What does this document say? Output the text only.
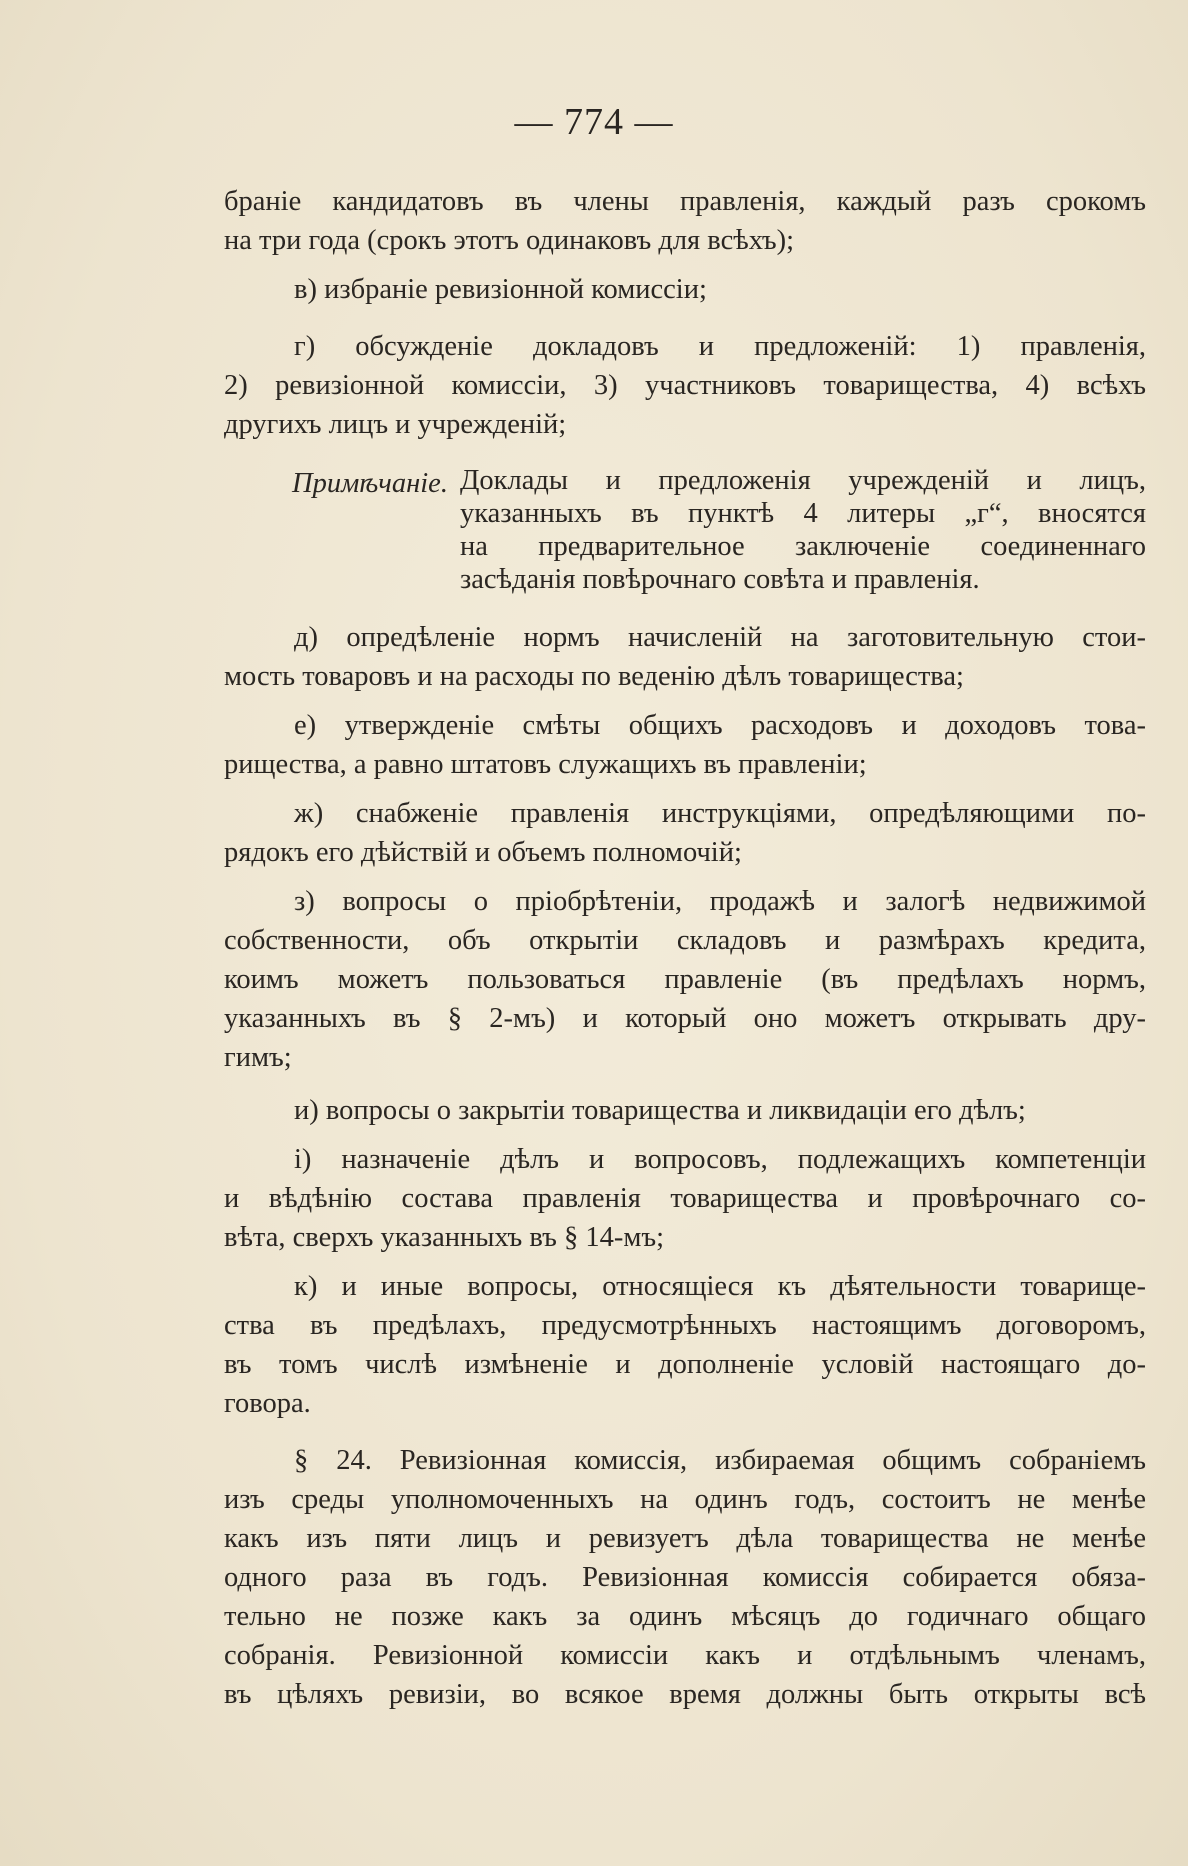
— 774 —
браніе кандидатовъ въ члены правленія, каждый разъ срокомъ
на три года (срокъ этотъ одинаковъ для всѣхъ);
в) избраніе ревизіонной комиссіи;
г) обсужденіе докладовъ и предложеній: 1) правленія,
2) ревизіонной комиссіи, 3) участниковъ товарищества, 4) всѣхъ
другихъ лицъ и учрежденій;
Примѣчаніе. Доклады и предложенія учрежденій и лицъ,
указанныхъ въ пунктѣ 4 литеры „г“, вносятся
на предварительное заключеніе соединеннаго
засѣданія повѣрочнаго совѣта и правленія.
д) опредѣленіе нормъ начисленій на заготовительную стои-
мость товаровъ и на расходы по веденію дѣлъ товарищества;
е) утвержденіе смѣты общихъ расходовъ и доходовъ това-
рищества, а равно штатовъ служащихъ въ правленіи;
ж) снабженіе правленія инструкціями, опредѣляющими по-
рядокъ его дѣйствій и объемъ полномочій;
з) вопросы о пріобрѣтеніи, продажѣ и залогѣ недвижимой
собственности, объ открытіи складовъ и размѣрахъ кредита,
коимъ можетъ пользоваться правленіе (въ предѣлахъ нормъ,
указанныхъ въ § 2-мъ) и который оно можетъ открывать дру-
гимъ;
и) вопросы о закрытіи товарищества и ликвидаціи его дѣлъ;
і) назначеніе дѣлъ и вопросовъ, подлежащихъ компетенціи
и вѣдѣнію состава правленія товарищества и провѣрочнаго со-
вѣта, сверхъ указанныхъ въ § 14-мъ;
к) и иные вопросы, относящіеся къ дѣятельности товарище-
ства въ предѣлахъ, предусмотрѣнныхъ настоящимъ договоромъ,
въ томъ числѣ измѣненіе и дополненіе условій настоящаго до-
говора.
§ 24. Ревизіонная комиссія, избираемая общимъ собраніемъ
изъ среды уполномоченныхъ на одинъ годъ, состоитъ не менѣе
какъ изъ пяти лицъ и ревизуетъ дѣла товарищества не менѣе
одного раза въ годъ. Ревизіонная комиссія собирается обяза-
тельно не позже какъ за одинъ мѣсяцъ до годичнаго общаго
собранія. Ревизіонной комиссіи какъ и отдѣльнымъ членамъ,
въ цѣляхъ ревизіи, во всякое время должны быть открыты всѣ
